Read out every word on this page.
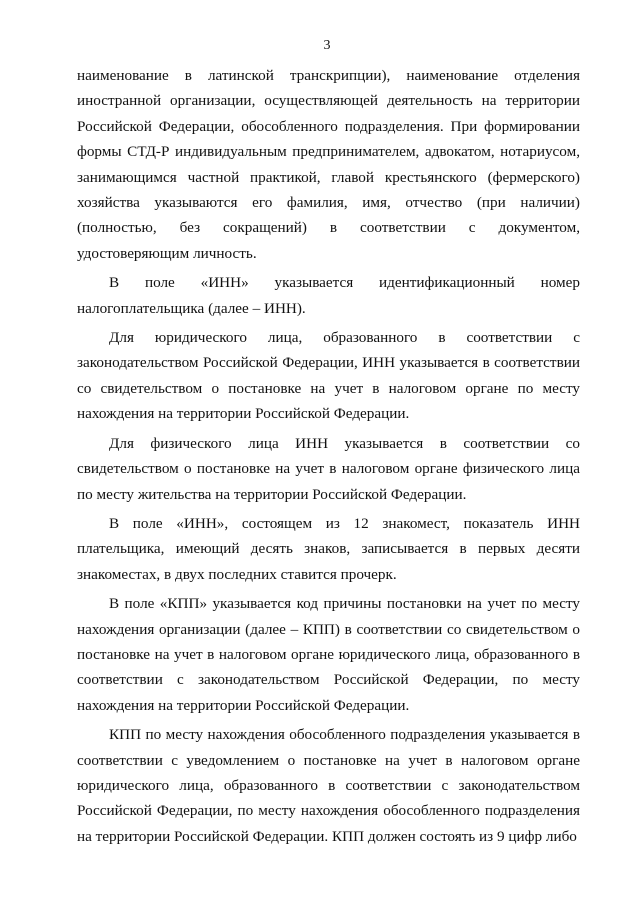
3

наименование в латинской транскрипции), наименование отделения иностранной организации, осуществляющей деятельность на территории Российской Федерации, обособленного подразделения. При формировании формы СТД-Р индивидуальным предпринимателем, адвокатом, нотариусом, занимающимся частной практикой, главой крестьянского (фермерского) хозяйства указываются его фамилия, имя, отчество (при наличии) (полностью, без сокращений) в соответствии с документом, удостоверяющим личность.

В поле «ИНН» указывается идентификационный номер налогоплательщика (далее – ИНН).

Для юридического лица, образованного в соответствии с законодательством Российской Федерации, ИНН указывается в соответствии со свидетельством о постановке на учет в налоговом органе по месту нахождения на территории Российской Федерации.

Для физического лица ИНН указывается в соответствии со свидетельством о постановке на учет в налоговом органе физического лица по месту жительства на территории Российской Федерации.

В поле «ИНН», состоящем из 12 знакомест, показатель ИНН плательщика, имеющий десять знаков, записывается в первых десяти знакоместах, в двух последних ставится прочерк.

В поле «КПП» указывается код причины постановки на учет по месту нахождения организации (далее – КПП) в соответствии со свидетельством о постановке на учет в налоговом органе юридического лица, образованного в соответствии с законодательством Российской Федерации, по месту нахождения на территории Российской Федерации.

КПП по месту нахождения обособленного подразделения указывается в соответствии с уведомлением о постановке на учет в налоговом органе юридического лица, образованного в соответствии с законодательством Российской Федерации, по месту нахождения обособленного подразделения на территории Российской Федерации. КПП должен состоять из 9 цифр либо
